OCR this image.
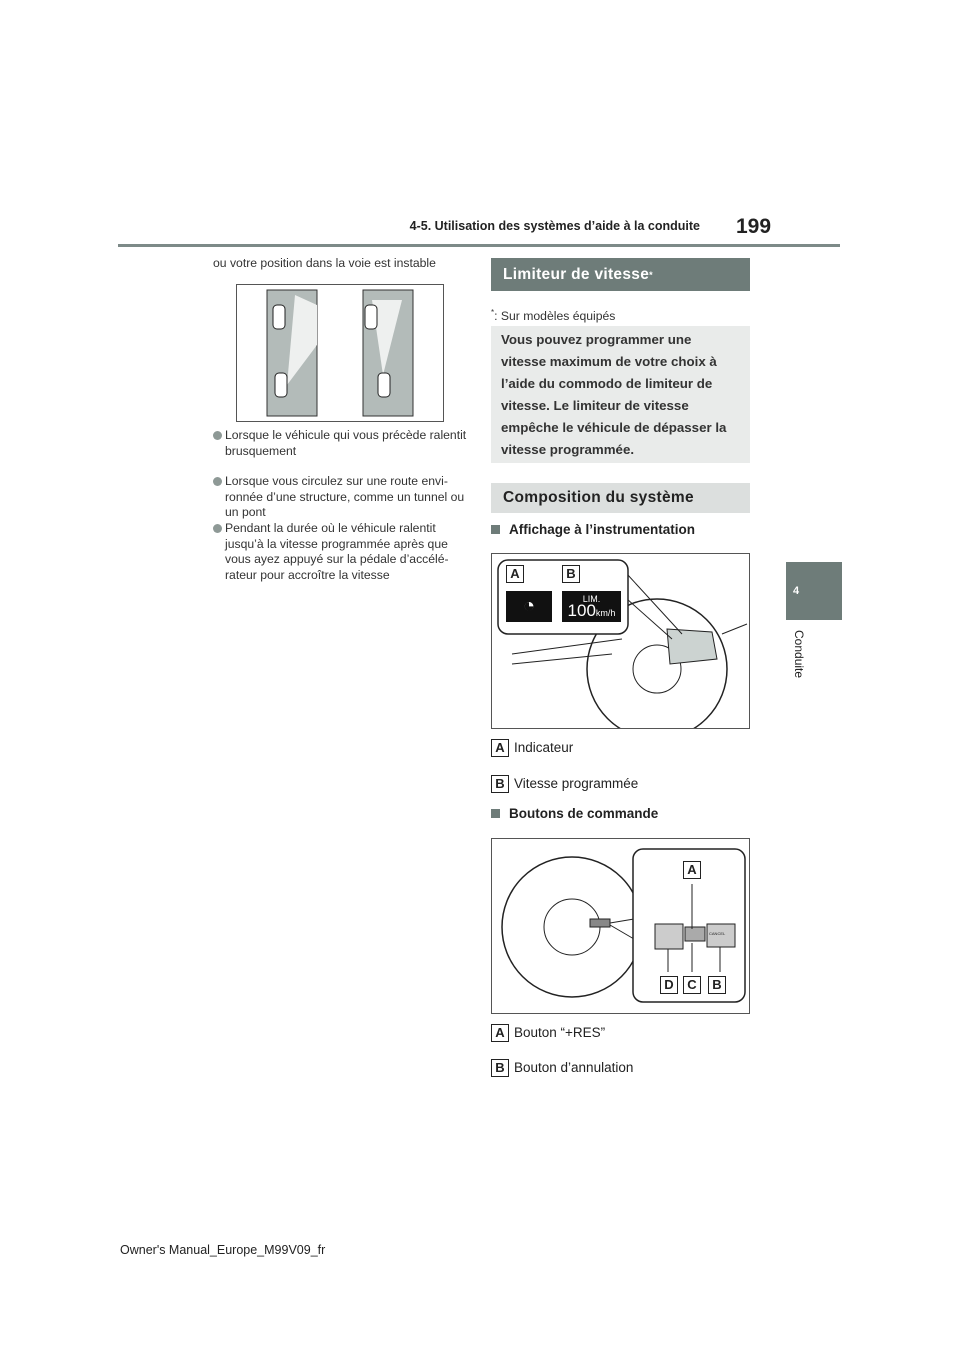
4-5. Utilisation des systèmes d’aide à la conduite 199
ou votre position dans la voie est instable
Lorsque le véhicule qui vous précède ralentit brusquement
Lorsque vous circulez sur une route envi-ronnée d’une structure, comme un tunnel ou un pont
Pendant la durée où le véhicule ralentit jusqu’à la vitesse programmée après que vous ayez appuyé sur la pédale d’accélé-rateur pour accroître la vitesse
Limiteur de vitesse *
*: Sur modèles équipés
Vous pouvez programmer une vitesse maximum de votre choix à l’aide du commodo de limiteur de vitesse. Le limiteur de vitesse empêche le véhicule de dépasser la vitesse programmée.
Composition du système
Affichage à l’instrumentation
A	B
◔	LIM.
100km/h
A Indicateur
B Vitesse programmée
Boutons de commande
A
D	C	B
CANCEL
A Bouton “+RES”
B Bouton d’annulation
4
Conduite
Owner's Manual_Europe_M99V09_fr
